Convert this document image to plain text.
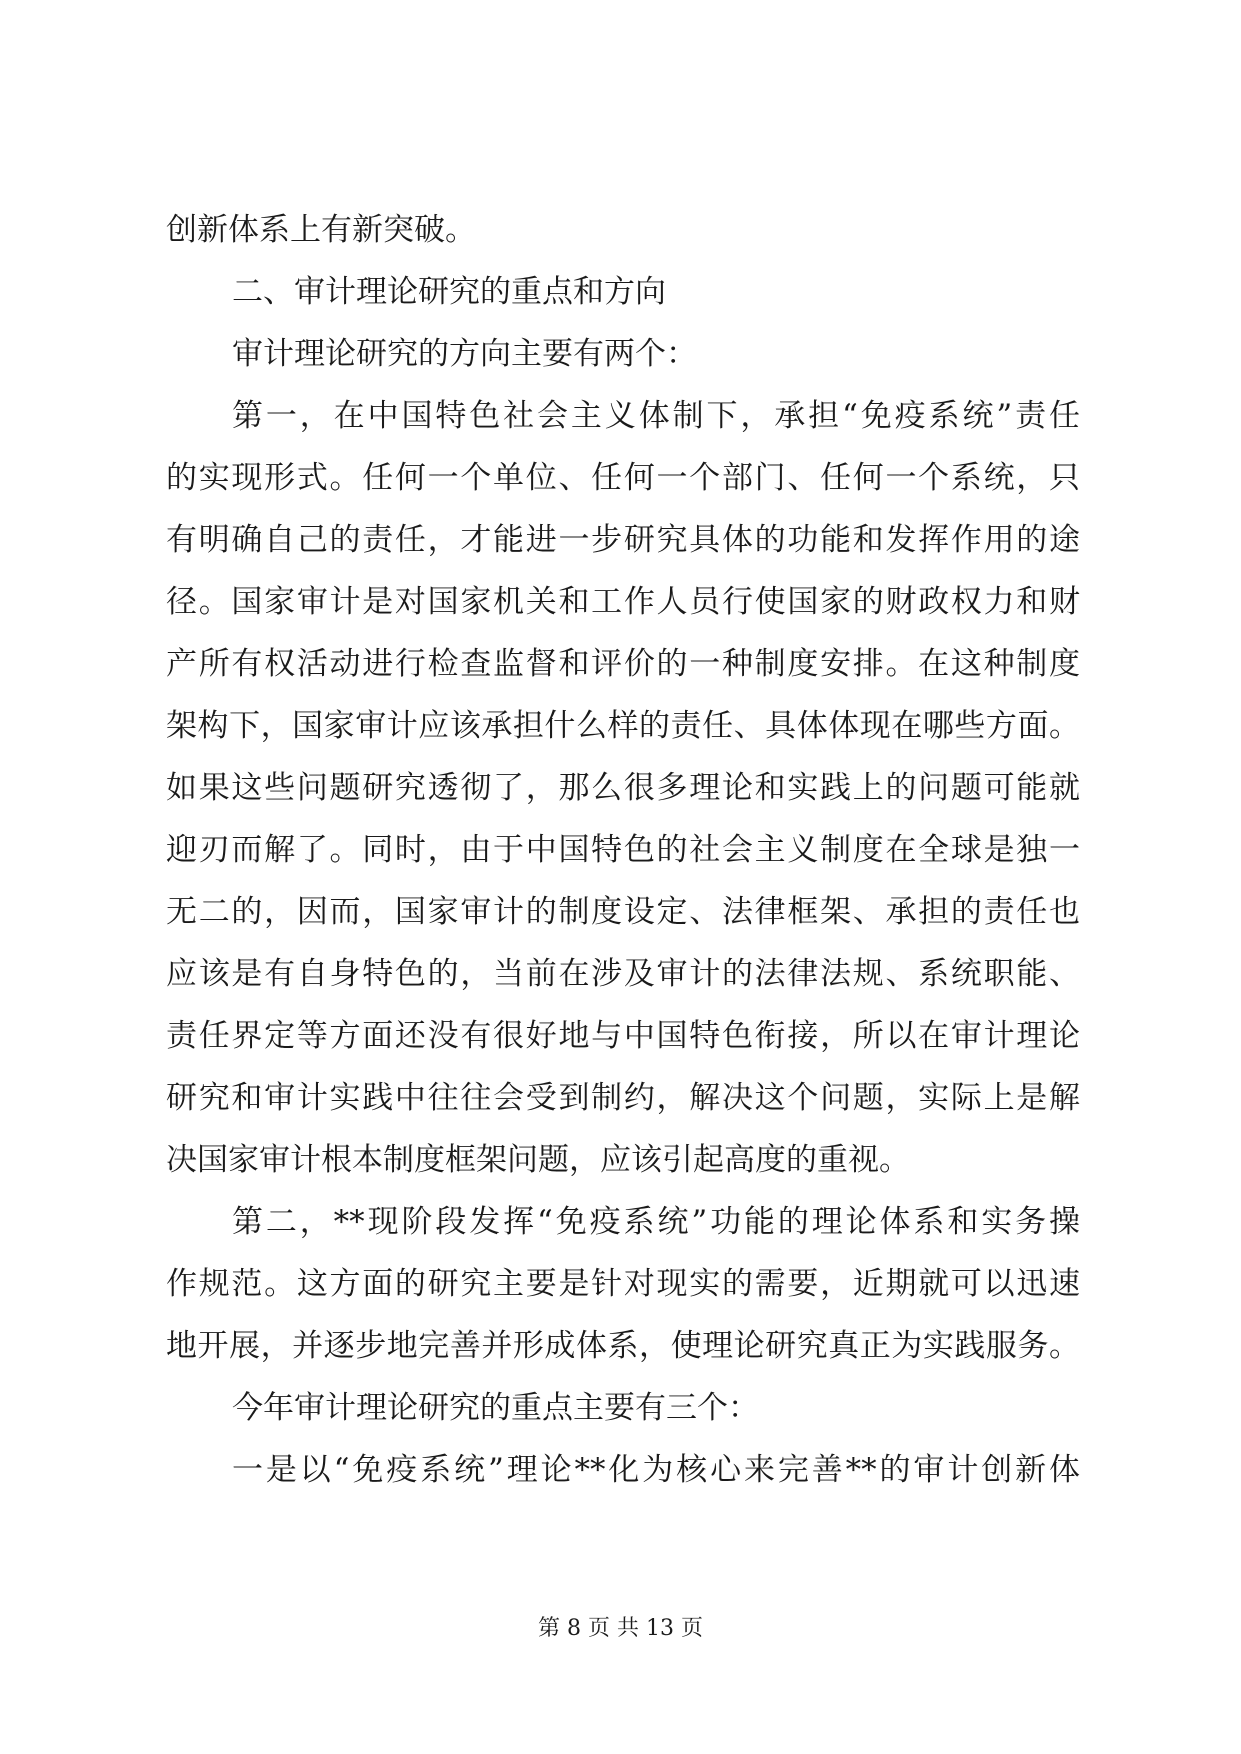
创新体系上有新突破。
二、审计理论研究的重点和方向
审计理论研究的方向主要有两个：
第一，在中国特色社会主义体制下，承担“免疫系统”责任
的实现形式。任何一个单位、任何一个部门、任何一个系统，只
有明确自己的责任，才能进一步研究具体的功能和发挥作用的途
径。国家审计是对国家机关和工作人员行使国家的财政权力和财
产所有权活动进行检查监督和评价的一种制度安排。在这种制度
架构下，国家审计应该承担什么样的责任、具体体现在哪些方面。
如果这些问题研究透彻了，那么很多理论和实践上的问题可能就
迎刃而解了。同时，由于中国特色的社会主义制度在全球是独一
无二的，因而，国家审计的制度设定、法律框架、承担的责任也
应该是有自身特色的，当前在涉及审计的法律法规、系统职能、
责任界定等方面还没有很好地与中国特色衔接，所以在审计理论
研究和审计实践中往往会受到制约，解决这个问题，实际上是解
决国家审计根本制度框架问题，应该引起高度的重视。
第二，**现阶段发挥“免疫系统”功能的理论体系和实务操
作规范。这方面的研究主要是针对现实的需要，近期就可以迅速
地开展，并逐步地完善并形成体系，使理论研究真正为实践服务。
今年审计理论研究的重点主要有三个：
一是以“免疫系统”理论**化为核心来完善**的审计创新体
第 8 页 共 13 页
